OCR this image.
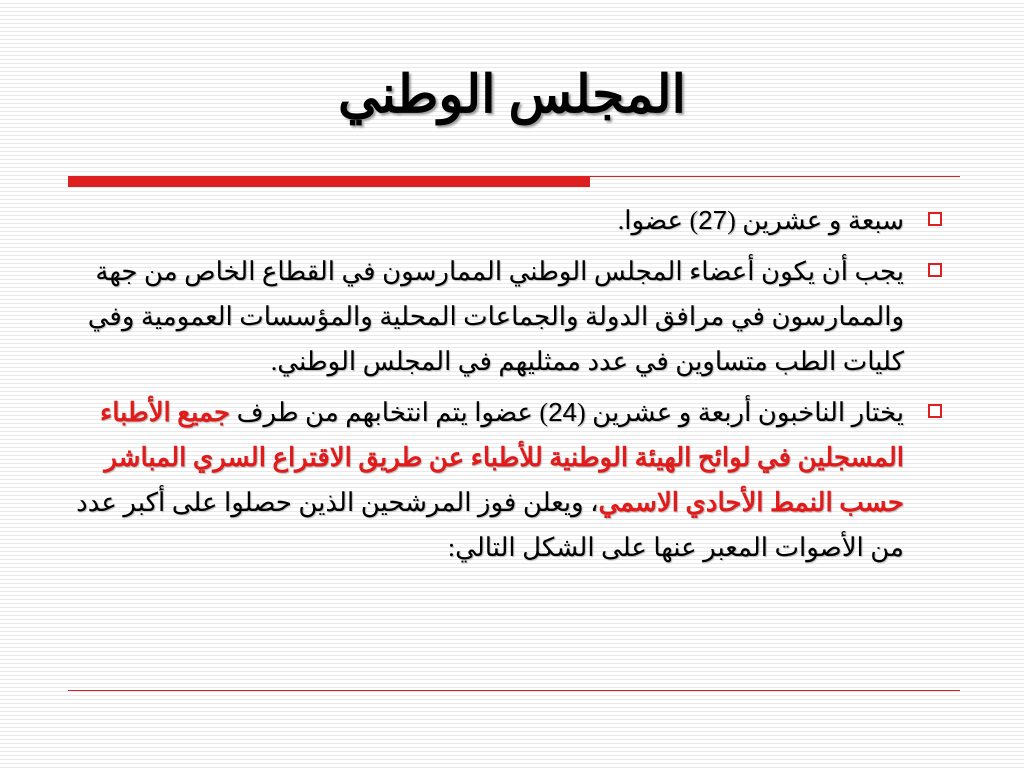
المجلس الوطني
سبعة و عشرين (27) عضوا.
يجب أن يكون أعضاء المجلس الوطني الممارسون في القطاع الخاص من جهة والممارسون في مرافق الدولة والجماعات المحلية والمؤسسات العمومية وفي كليات الطب متساوين في عدد ممثليهم في المجلس الوطني.
يختار الناخبون أربعة و عشرين (24) عضوا يتم انتخابهم من طرف جميع الأطباء المسجلين في لوائح الهيئة الوطنية للأطباء عن طريق الاقتراع السري المباشر حسب النمط الأحادي الاسمي، ويعلن فوز المرشحين الذين حصلوا على أكبر عدد من الأصوات المعبر عنها على الشكل التالي:
